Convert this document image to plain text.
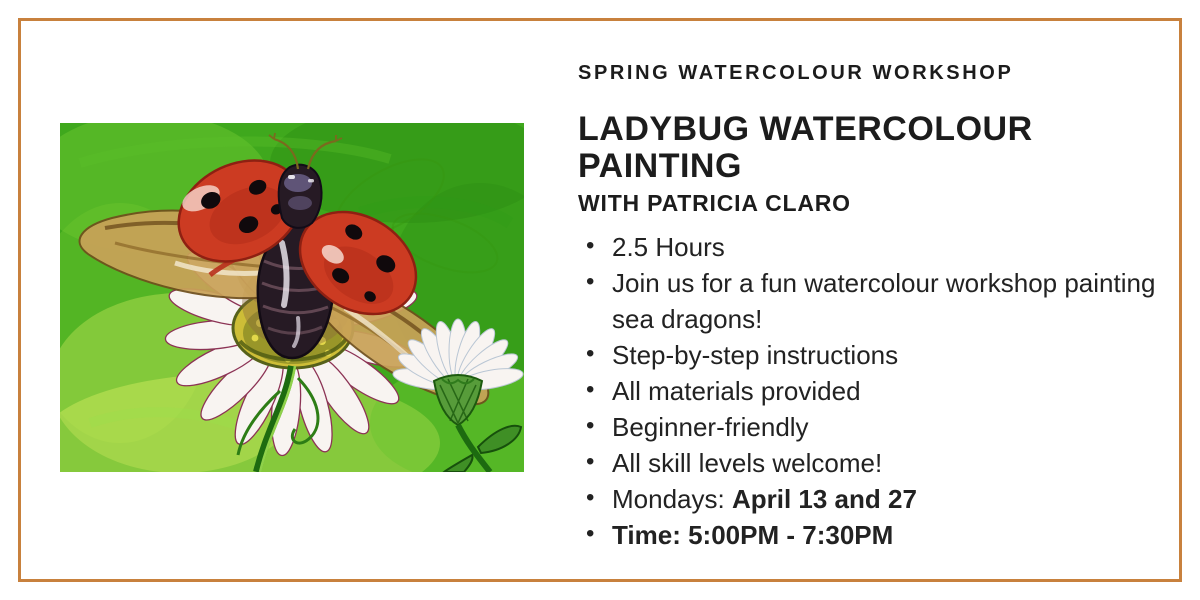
SPRING WATERCOLOUR WORKSHOP
LADYBUG WATERCOLOUR PAINTING
WITH PATRICIA CLARO
• 2.5 Hours
• Join us for a fun watercolour workshop painting sea dragons!
• Step-by-step instructions
• All materials provided
• Beginner-friendly
• All skill levels welcome!
• Mondays: April 13 and 27
• Time: 5:00PM - 7:30PM
